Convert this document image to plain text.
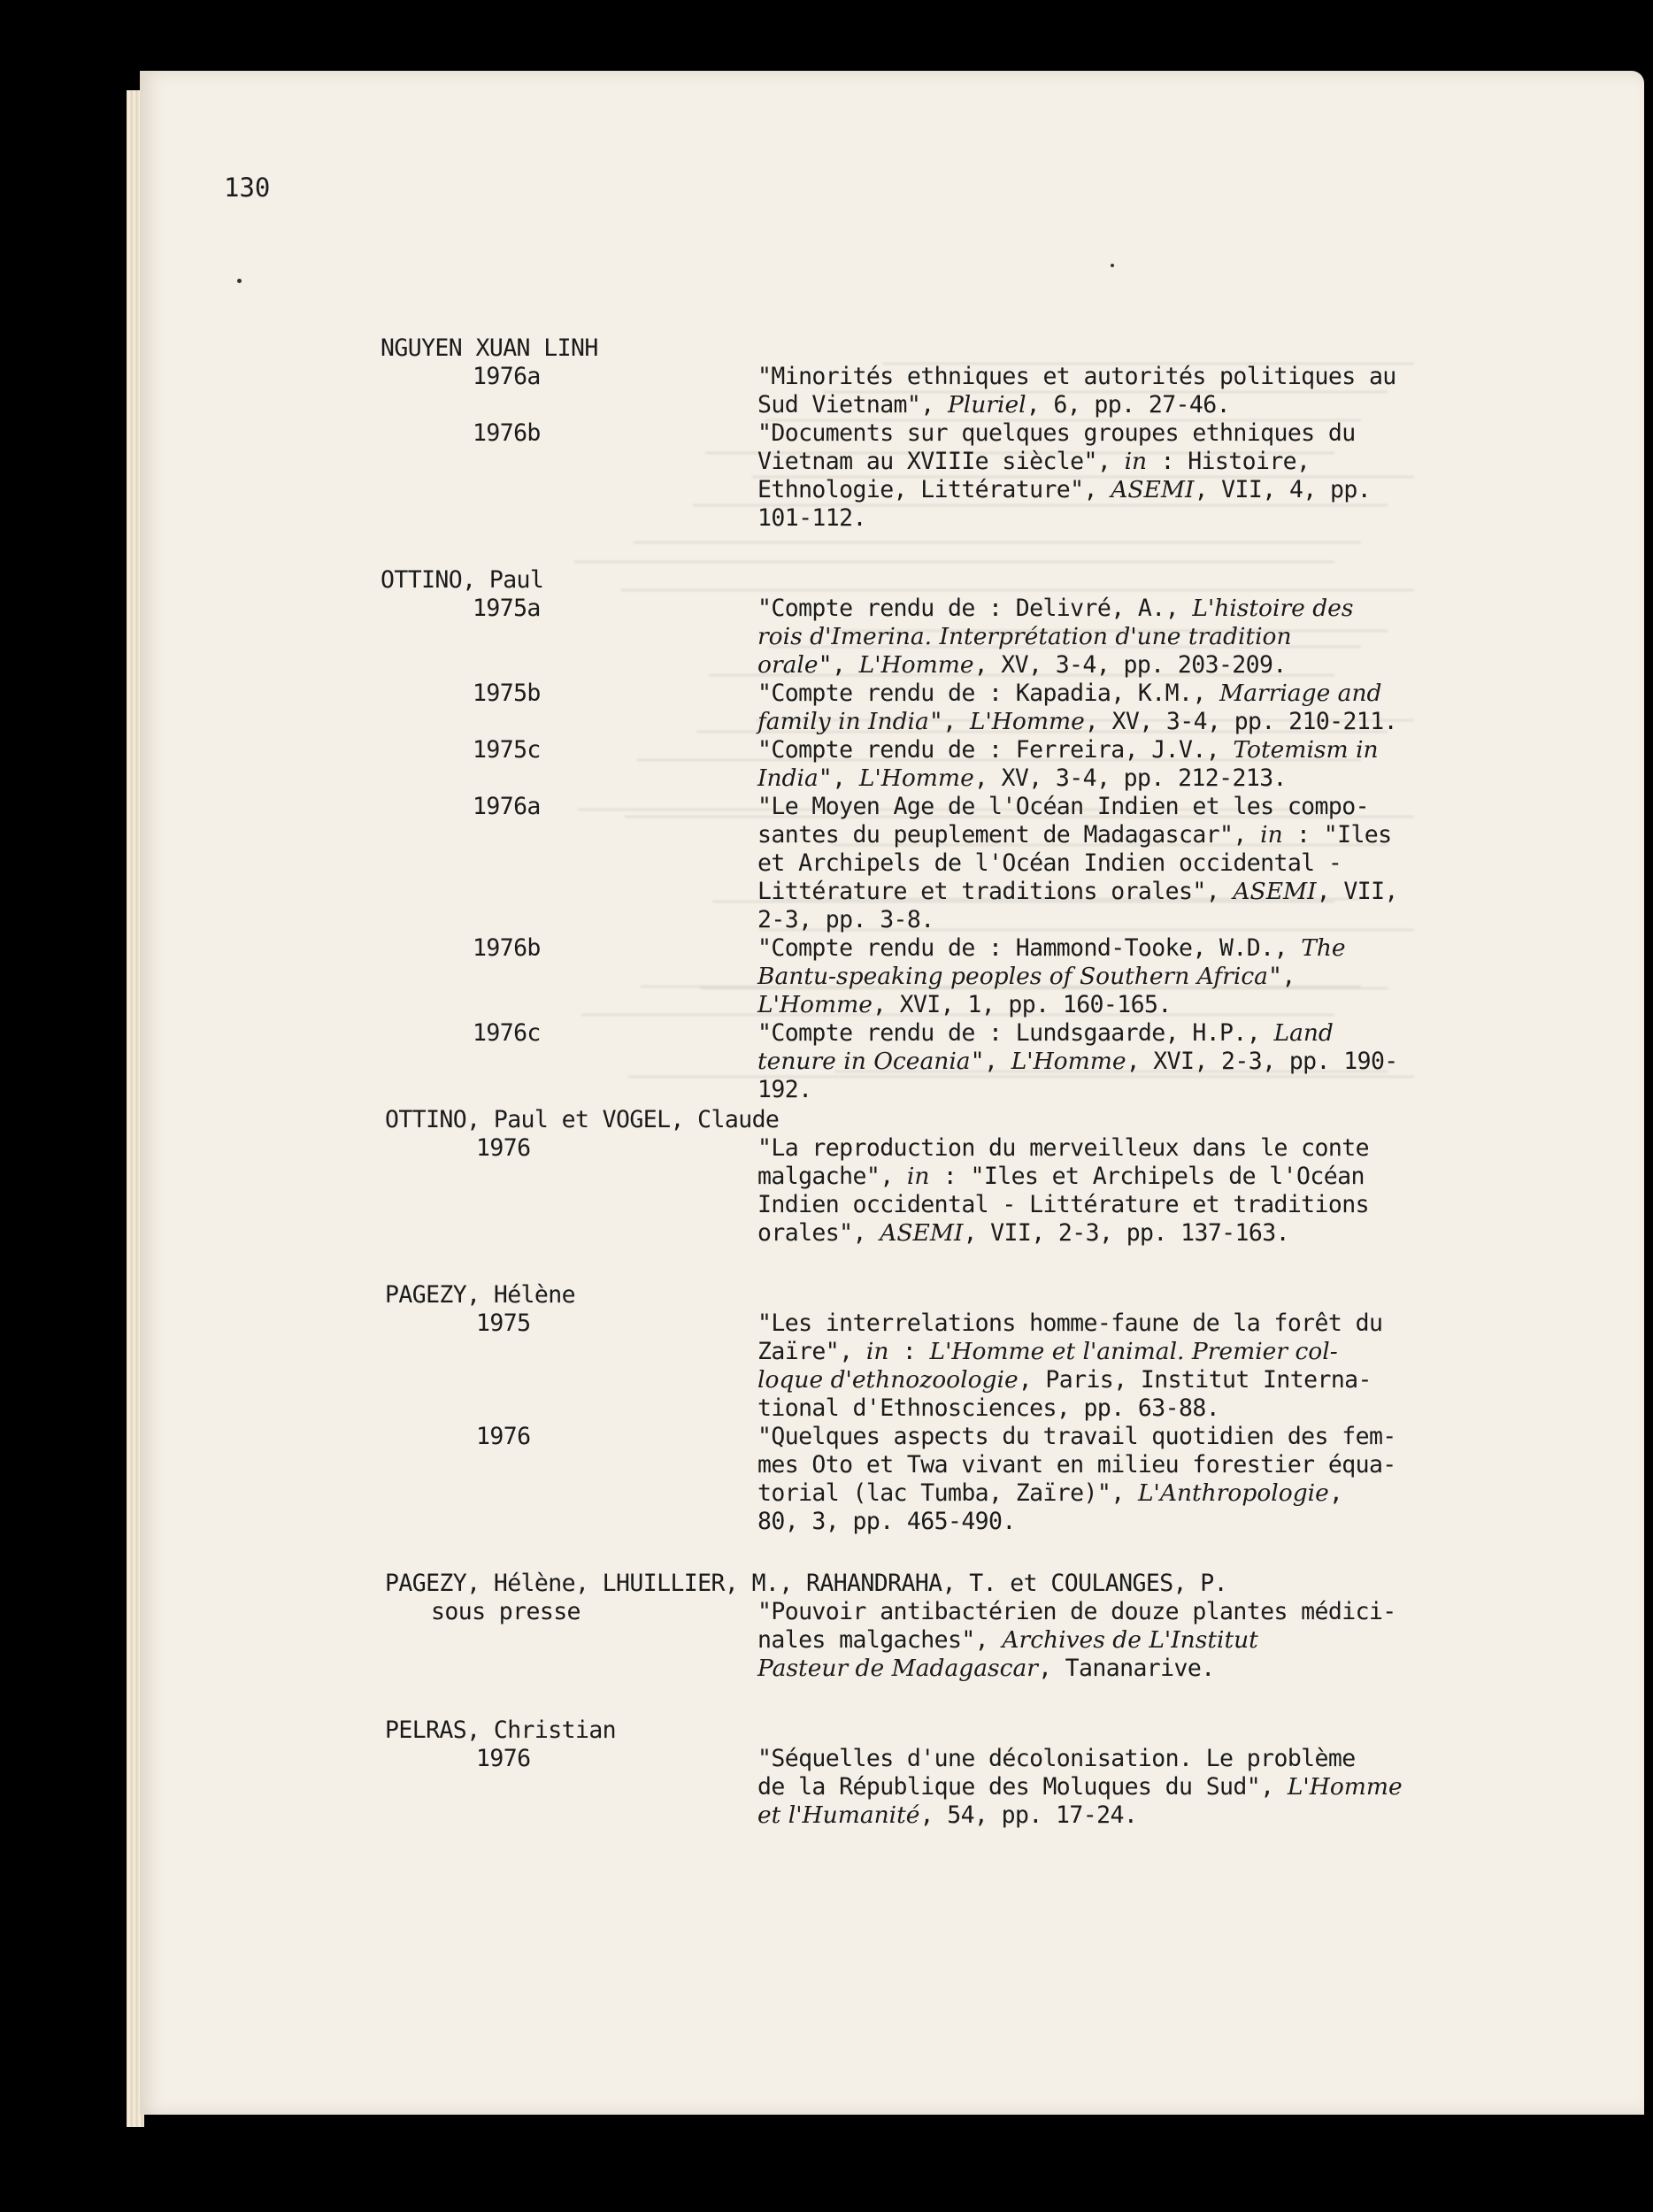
130
NGUYEN XUAN LINH
1976a	"Minorités ethniques et autorités politiques au
Sud Vietnam", Pluriel, 6, pp. 27-46.
1976b	"Documents sur quelques groupes ethniques du
Vietnam au XVIIIe siècle", in : Histoire,
Ethnologie, Littérature", ASEMI, VII, 4, pp.
101-112.
OTTINO, Paul
1975a	"Compte rendu de : Delivré, A., L'histoire des
rois d'Imerina. Interprétation d'une tradition
orale", L'Homme, XV, 3-4, pp. 203-209.
1975b	"Compte rendu de : Kapadia, K.M., Marriage and
family in India", L'Homme, XV, 3-4, pp. 210-211.
1975c	"Compte rendu de : Ferreira, J.V., Totemism in
India", L'Homme, XV, 3-4, pp. 212-213.
1976a	"Le Moyen Age de l'Océan Indien et les compo-
santes du peuplement de Madagascar", in : "Iles
et Archipels de l'Océan Indien occidental -
Littérature et traditions orales", ASEMI, VII,
2-3, pp. 3-8.
1976b	"Compte rendu de : Hammond-Tooke, W.D., The
Bantu-speaking peoples of Southern Africa",
L'Homme, XVI, 1, pp. 160-165.
1976c	"Compte rendu de : Lundsgaarde, H.P., Land
tenure in Oceania", L'Homme, XVI, 2-3, pp. 190-
192.
OTTINO, Paul et VOGEL, Claude
1976	"La reproduction du merveilleux dans le conte
malgache", in : "Iles et Archipels de l'Océan
Indien occidental - Littérature et traditions
orales", ASEMI, VII, 2-3, pp. 137-163.
PAGEZY, Hélène
1975	"Les interrelations homme-faune de la forêt du
Zaïre", in : L'Homme et l'animal. Premier col-
loque d'ethnozoologie, Paris, Institut Interna-
tional d'Ethnosciences, pp. 63-88.
1976	"Quelques aspects du travail quotidien des fem-
mes Oto et Twa vivant en milieu forestier équa-
torial (lac Tumba, Zaïre)", L'Anthropologie,
80, 3, pp. 465-490.
PAGEZY, Hélène, LHUILLIER, M., RAHANDRAHA, T. et COULANGES, P.
sous presse	"Pouvoir antibactérien de douze plantes médici-
nales malgaches", Archives de L'Institut
Pasteur de Madagascar, Tananarive.
PELRAS, Christian
1976	"Séquelles d'une décolonisation. Le problème
de la République des Moluques du Sud", L'Homme
et l'Humanité, 54, pp. 17-24.
